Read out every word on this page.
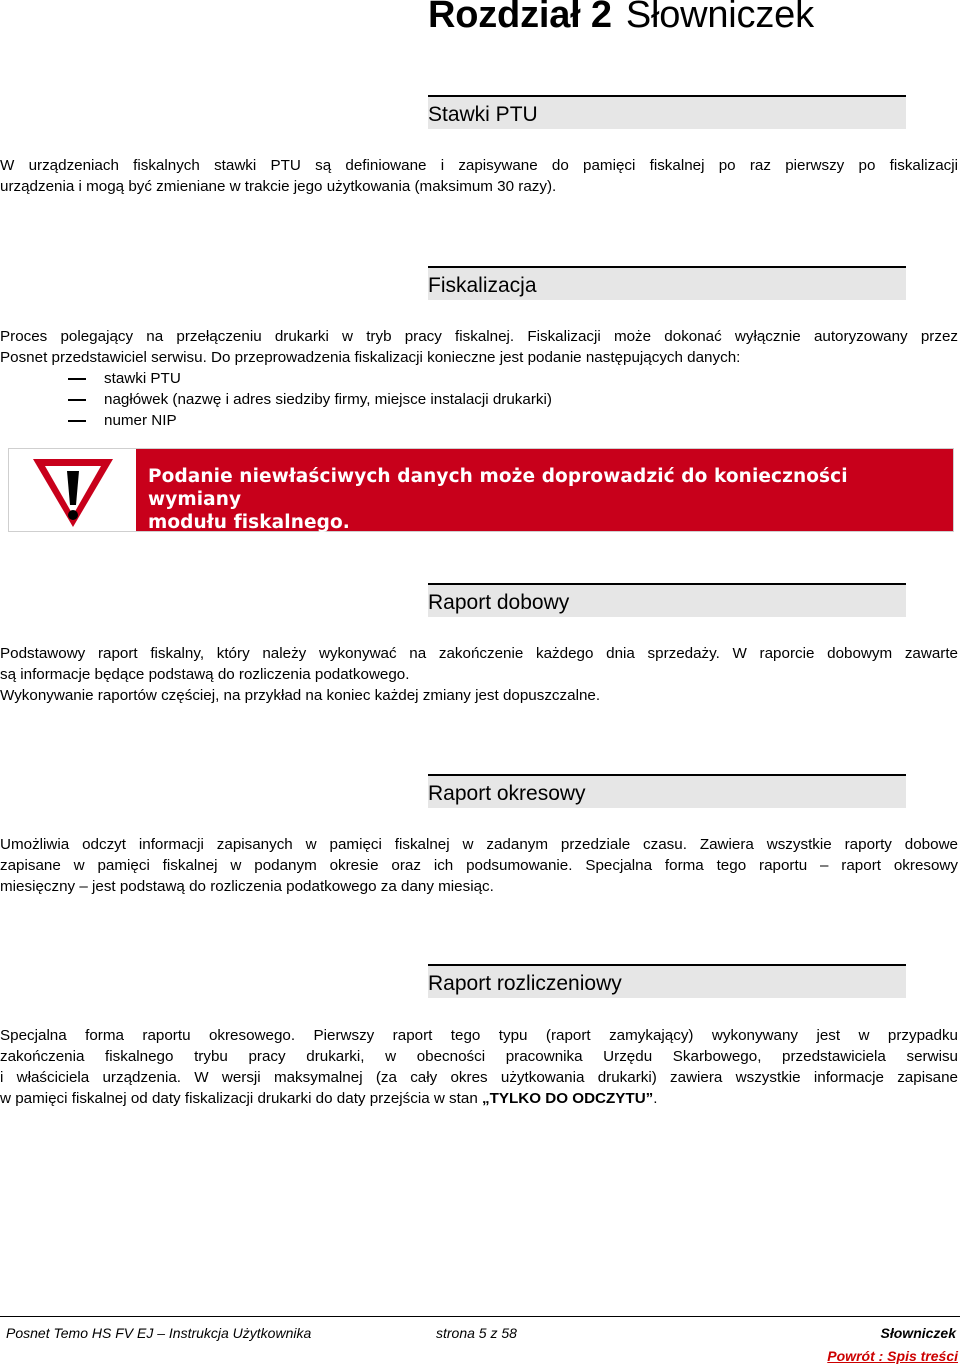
Rozdział 2 Słowniczek
Stawki PTU
W urządzeniach fiskalnych stawki PTU są definiowane i zapisywane do pamięci fiskalnej po raz pierwszy po fiskalizacji
urządzenia i mogą być zmieniane w trakcie jego użytkowania (maksimum 30 razy).
Fiskalizacja
Proces polegający na przełączeniu drukarki w tryb pracy fiskalnej. Fiskalizacji może dokonać wyłącznie autoryzowany przez
Posnet przedstawiciel serwisu. Do przeprowadzenia fiskalizacji konieczne jest podanie następujących danych:
stawki PTU
nagłówek (nazwę i adres siedziby firmy, miejsce instalacji drukarki)
numer NIP

Podanie niewłaściwych danych może doprowadzić do konieczności wymiany
modułu fiskalnego.

Raport dobowy
Podstawowy raport fiskalny, który należy wykonywać na zakończenie każdego dnia sprzedaży. W raporcie dobowym zawarte
są informacje będące podstawą do rozliczenia podatkowego.
Wykonywanie raportów częściej, na przykład na koniec każdej zmiany jest dopuszczalne.
Raport okresowy
Umożliwia odczyt informacji zapisanych w pamięci fiskalnej w zadanym przedziale czasu. Zawiera wszystkie raporty dobowe
zapisane w pamięci fiskalnej w podanym okresie oraz ich podsumowanie. Specjalna forma tego raportu – raport okresowy
miesięczny – jest podstawą do rozliczenia podatkowego za dany miesiąc.
Raport rozliczeniowy
Specjalna forma raportu okresowego. Pierwszy raport tego typu (raport zamykający) wykonywany jest w przypadku
zakończenia fiskalnego trybu pracy drukarki, w obecności pracownika Urzędu Skarbowego, przedstawiciela serwisu
i właściciela urządzenia. W wersji maksymalnej (za cały okres użytkowania drukarki) zawiera wszystkie informacje zapisane
w pamięci fiskalnej od daty fiskalizacji drukarki do daty przejścia w stan „TYLKO DO ODCZYTU”.
Posnet Temo HS FV EJ – Instrukcja Użytkownika	strona 5 z 58	Słowniczek
Powrót : Spis treści
